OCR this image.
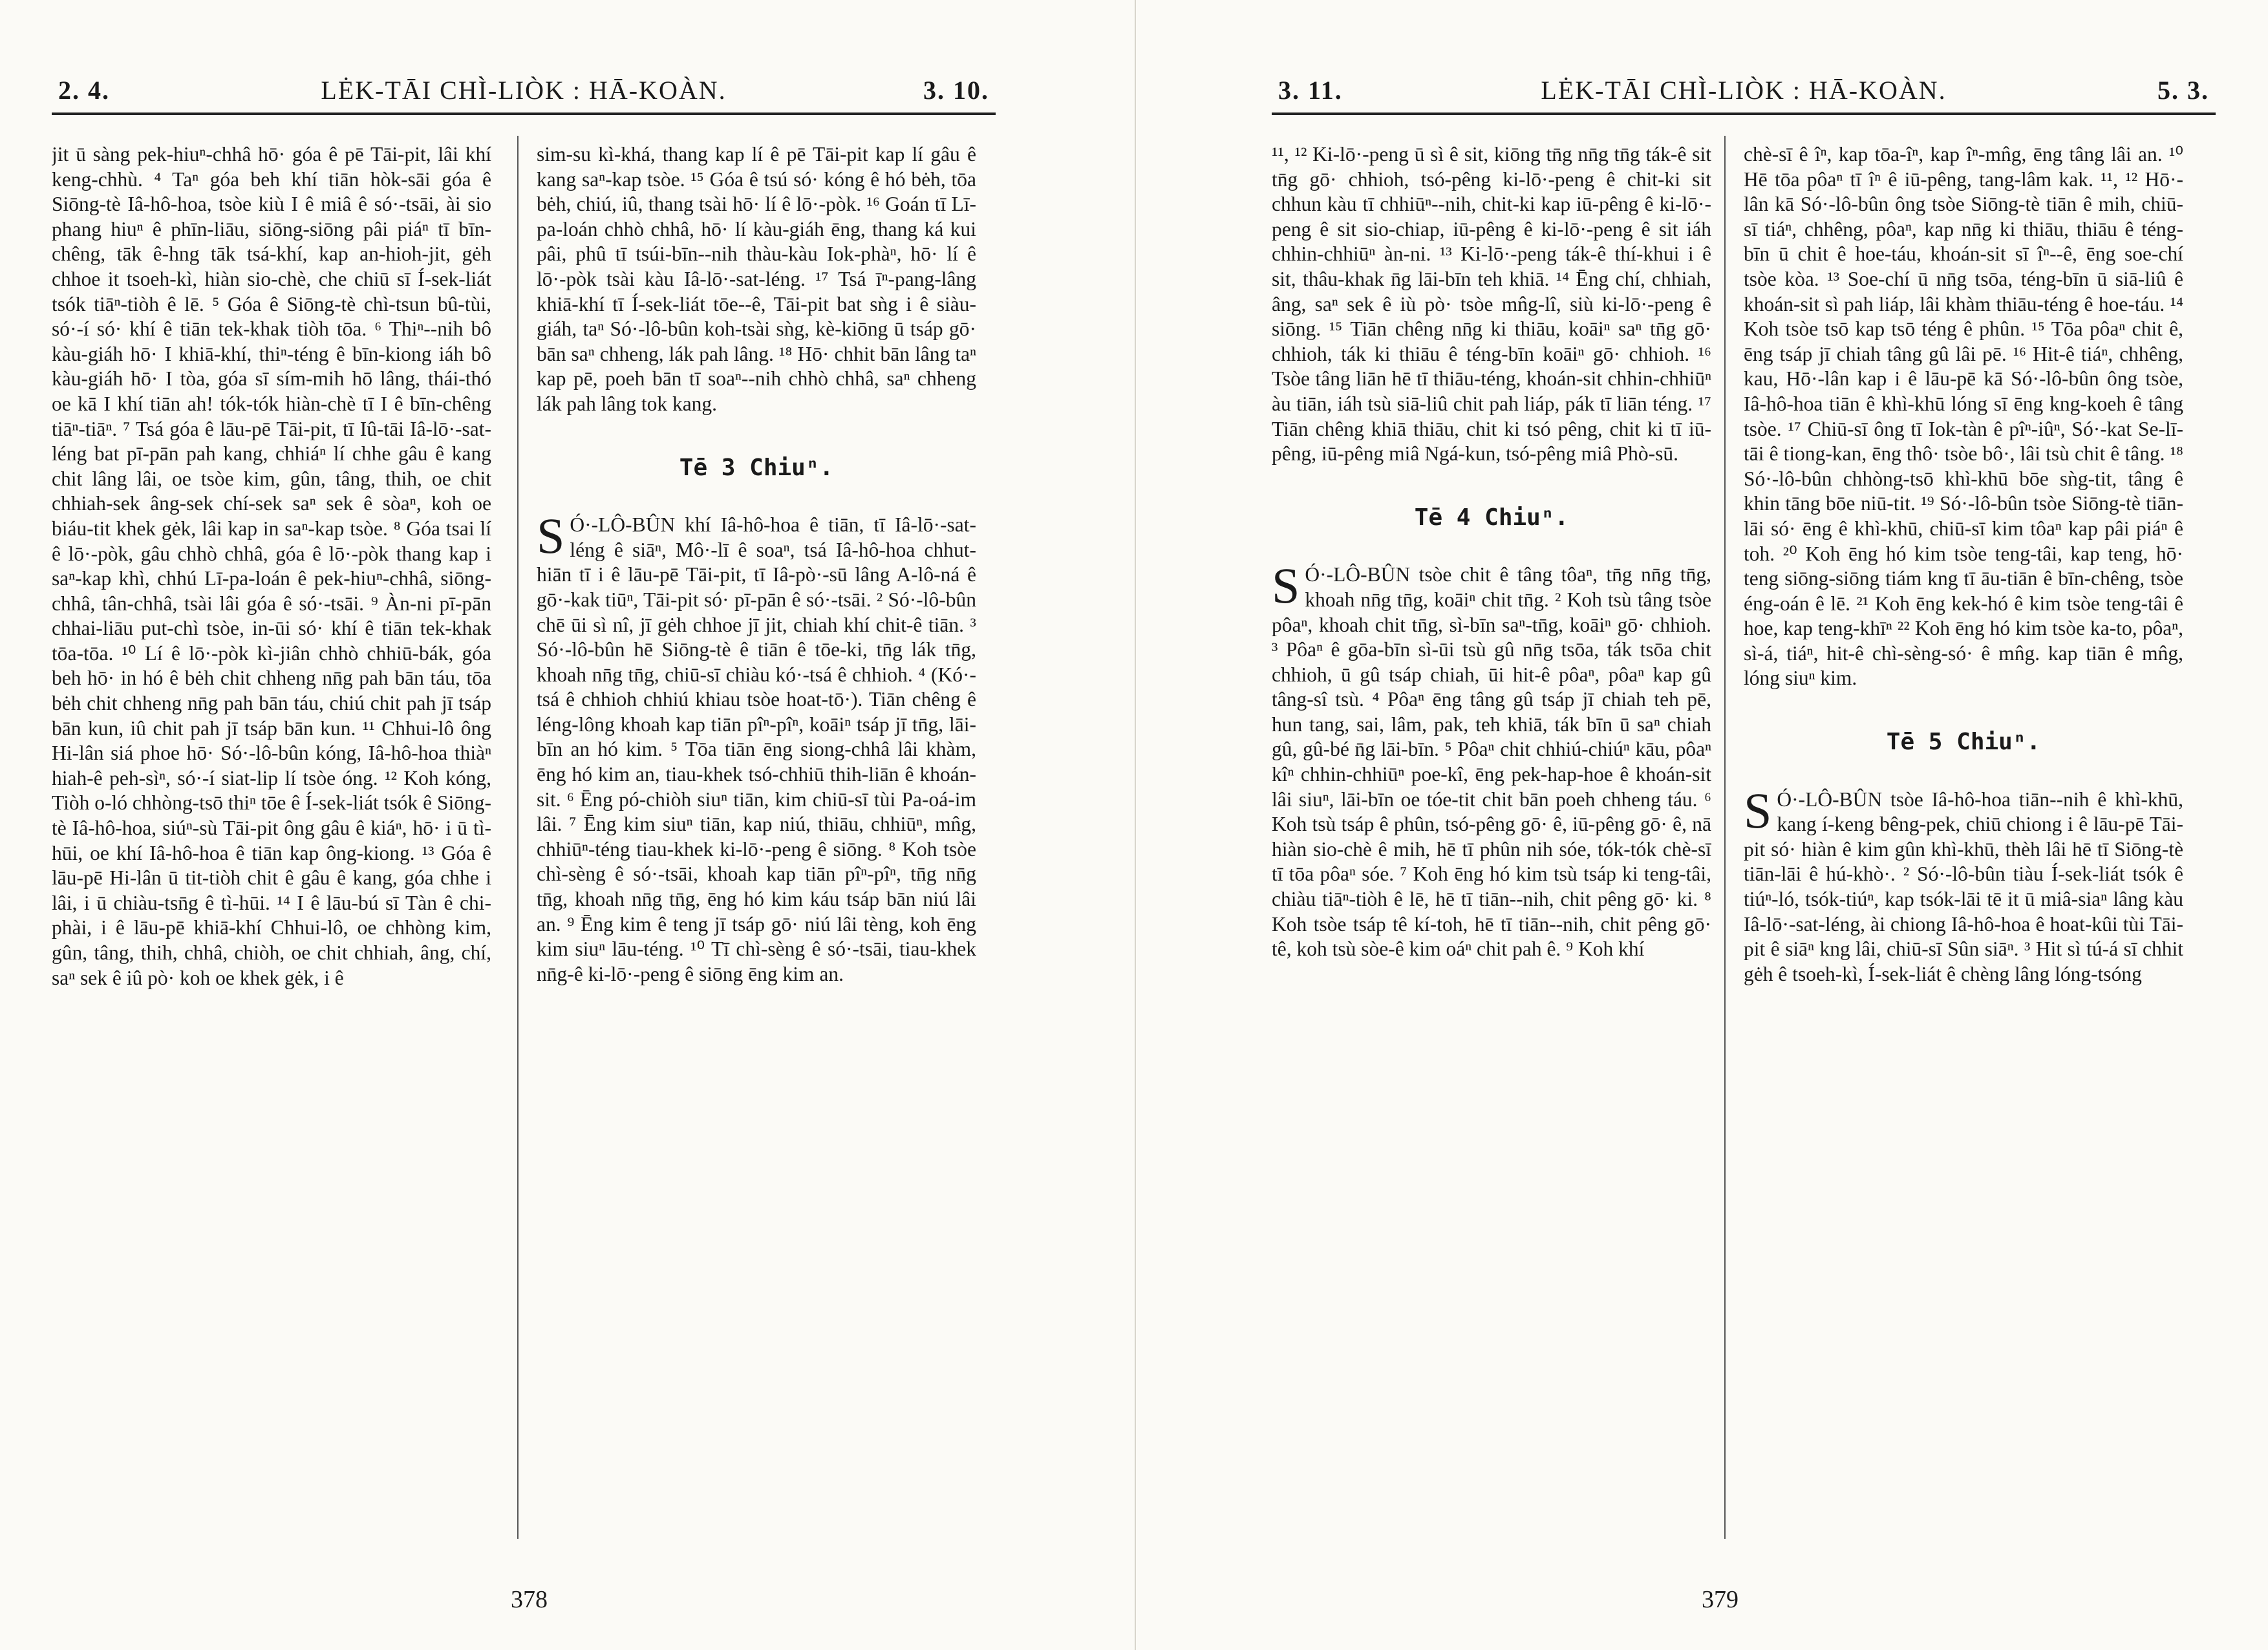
2. 4.	LĖK-TĀI CHÌ-LIÒK : HĀ-KOÀN.	3. 10.

jit ū sàng pek-hiuⁿ-chhâ hō· góa ê pē Tāi-pit, lâi khí keng-chhù. ⁴ Taⁿ góa beh khí tiān hòk-sāi góa ê Siōng-tè Iâ-hô-hoa, tsòe kiù I ê miâ ê só·-tsāi, ài sio phang hiuⁿ ê phīn-liāu, siōng-siōng pâi piáⁿ tī bīn-chêng, tāk ê-hng tāk tsá-khí, kap an-hioh-jit, gėh chhoe it tsoeh-kì, hiàn sio-chè, che chiū sī Í-sek-liát tsók tiāⁿ-tiòh ê lē. ⁵ Góa ê Siōng-tè chì-tsun bû-tùi, só·-í só· khí ê tiān tek-khak tiòh tōa. ⁶ Thiⁿ--nih bô kàu-giáh hō· I khiā-khí, thiⁿ-téng ê bīn-kiong iáh bô kàu-giáh hō· I tòa, góa sī sím-mih hō lâng, thái-thó oe kā I khí tiān ah! tók-tók hiàn-chè tī I ê bīn-chêng tiāⁿ-tiāⁿ. ⁷ Tsá góa ê lāu-pē Tāi-pit, tī Iû-tāi Iâ-lō·-sat-léng bat pī-pān pah kang, chhiáⁿ lí chhe gâu ê kang chit lâng lâi, oe tsòe kim, gûn, tâng, thih, oe chit chhiah-sek âng-sek chí-sek saⁿ sek ê sòaⁿ, koh oe biáu-tit khek gėk, lâi kap in saⁿ-kap tsòe. ⁸ Góa tsai lí ê lō·-pòk, gâu chhò chhâ, góa ê lō·-pòk thang kap i saⁿ-kap khì, chhú Lī-pa-loán ê pek-hiuⁿ-chhâ, siōng-chhâ, tân-chhâ, tsài lâi góa ê só·-tsāi. ⁹ Àn-ni pī-pān chhai-liāu put-chì tsòe, in-ūi só· khí ê tiān tek-khak tōa-tōa. ¹⁰ Lí ê lō·-pòk kì-jiân chhò chhiū-bák, góa beh hō· in hó ê bėh chit chheng nn̄g pah bān táu, tōa bėh chit chheng nn̄g pah bān táu, chiú chit pah jī tsáp bān kun, iû chit pah jī tsáp bān kun. ¹¹ Chhui-lô ông Hi-lân siá phoe hō· Só·-lô-bûn kóng, Iâ-hô-hoa thiàⁿ hiah-ê peh-sìⁿ, só·-í siat-lip lí tsòe óng. ¹² Koh kóng, Tiòh o-ló chhòng-tsō thiⁿ tōe ê Í-sek-liát tsók ê Siōng-tè Iâ-hô-hoa, siúⁿ-sù Tāi-pit ông gâu ê kiáⁿ, hō· i ū tì-hūi, oe khí Iâ-hô-hoa ê tiān kap ông-kiong. ¹³ Góa ê lāu-pē Hi-lân ū tit-tiòh chit ê gâu ê kang, góa chhe i lâi, i ū chiàu-tsn̄g ê tì-hūi. ¹⁴ I ê lāu-bú sī Tàn ê chi-phài, i ê lāu-pē khiā-khí Chhui-lô, oe chhòng kim, gûn, tâng, thih, chhâ, chiòh, oe chit chhiah, âng, chí, saⁿ sek ê iû pò· koh oe khek gėk, i ê

sim-su kì-khá, thang kap lí ê pē Tāi-pit kap lí gâu ê kang saⁿ-kap tsòe. ¹⁵ Góa ê tsú só· kóng ê hó bėh, tōa bėh, chiú, iû, thang tsài hō· lí ê lō·-pòk. ¹⁶ Goán tī Lī-pa-loán chhò chhâ, hō· lí kàu-giáh ēng, thang ká kui pâi, phû tī tsúi-bīn--nih thàu-kàu Iok-phàⁿ, hō· lí ê lō·-pòk tsài kàu Iâ-lō·-sat-léng. ¹⁷ Tsá īⁿ-pang-lâng khiā-khí tī Í-sek-liát tōe--ê, Tāi-pit bat sǹg i ê siàu-giáh, taⁿ Só·-lô-bûn koh-tsài sǹg, kè-kiōng ū tsáp gō· bān saⁿ chheng, lák pah lâng. ¹⁸ Hō· chhit bān lâng taⁿ kap pē, poeh bān tī soaⁿ--nih chhò chhâ, saⁿ chheng lák pah lâng tok kang.

Tē 3 Chiuⁿ.

S Ó·-LÔ-BÛN khí Iâ-hô-hoa ê tiān, tī Iâ-lō·-sat-léng ê siāⁿ, Mô·-lī ê soaⁿ, tsá Iâ-hô-hoa chhut-hiān tī i ê lāu-pē Tāi-pit, tī Iâ-pò·-sū lâng A-lô-ná ê gō·-kak tiūⁿ, Tāi-pit só· pī-pān ê só·-tsāi. ² Só·-lô-bûn chē ūi sì nî, jī gėh chhoe jī jit, chiah khí chit-ê tiān. ³ Só·-lô-bûn hē Siōng-tè ê tiān ê tōe-ki, tn̄g lák tn̄g, khoah nn̄g tn̄g, chiū-sī chiàu kó·-tsá ê chhioh. ⁴ (Kó·-tsá ê chhioh chhiú khiau tsòe hoat-tō·). Tiān chêng ê léng-lông khoah kap tiān pîⁿ-pîⁿ, koāiⁿ tsáp jī tn̄g, lāi-bīn an hó kim. ⁵ Tōa tiān ēng siong-chhâ lâi khàm, ēng hó kim an, tiau-khek tsó-chhiū thih-liān ê khoán-sit. ⁶ Ēng pó-chiòh siuⁿ tiān, kim chiū-sī tùi Pa-oá-im lâi. ⁷ Ēng kim siuⁿ tiān, kap niú, thiāu, chhiūⁿ, mn̂g, chhiūⁿ-téng tiau-khek ki-lō·-peng ê siōng. ⁸ Koh tsòe chì-sèng ê só·-tsāi, khoah kap tiān pîⁿ-pîⁿ, tn̄g nn̄g tn̄g, khoah nn̄g tn̄g, ēng hó kim káu tsáp bān niú lâi an. ⁹ Ēng kim ê teng jī tsáp gō· niú lâi tèng, koh ēng kim siuⁿ lāu-téng. ¹⁰ Tī chì-sèng ê só·-tsāi, tiau-khek nn̄g-ê ki-lō·-peng ê siōng ēng kim an.

378
3. 11.	LĖK-TĀI CHÌ-LIÒK : HĀ-KOÀN.	5. 3.

¹¹, ¹² Ki-lō·-peng ū sì ê sit, kiōng tn̄g nn̄g tn̄g ták-ê sit tn̄g gō· chhioh, tsó-pêng ki-lō·-peng ê chit-ki sit chhun kàu tī chhiūⁿ--nih, chit-ki kap iū-pêng ê ki-lō·-peng ê sit sio-chiap, iū-pêng ê ki-lō·-peng ê sit iáh chhin-chhiūⁿ àn-ni. ¹³ Ki-lō·-peng ták-ê thí-khui i ê sit, thâu-khak n̄g lāi-bīn teh khiā. ¹⁴ Ēng chí, chhiah, âng, saⁿ sek ê iù pò· tsòe mn̂g-lî, siù ki-lō·-peng ê siōng. ¹⁵ Tiān chêng nn̄g ki thiāu, koāiⁿ saⁿ tn̄g gō· chhioh, ták ki thiāu ê téng-bīn koāiⁿ gō· chhioh. ¹⁶ Tsòe tâng liān hē tī thiāu-téng, khoán-sit chhin-chhiūⁿ àu tiān, iáh tsù siā-liû chit pah liáp, pák tī liān téng. ¹⁷ Tiān chêng khiā thiāu, chit ki tsó pêng, chit ki tī iū-pêng, iū-pêng miâ Ngá-kun, tsó-pêng miâ Phò-sū.

Tē 4 Chiuⁿ.

S Ó·-LÔ-BÛN tsòe chit ê tâng tôaⁿ, tn̄g nn̄g tn̄g, khoah nn̄g tn̄g, koāiⁿ chit tn̄g. ² Koh tsù tâng tsòe pôaⁿ, khoah chit tn̄g, sì-bīn saⁿ-tn̄g, koāiⁿ gō· chhioh. ³ Pôaⁿ ê gōa-bīn sì-ūi tsù gû nn̄g tsōa, ták tsōa chit chhioh, ū gû tsáp chiah, ūi hit-ê pôaⁿ, pôaⁿ kap gû tâng-sî tsù. ⁴ Pôaⁿ ēng tâng gû tsáp jī chiah teh pē, hun tang, sai, lâm, pak, teh khiā, ták bīn ū saⁿ chiah gû, gû-bé n̄g lāi-bīn. ⁵ Pôaⁿ chit chhiú-chiúⁿ kāu, pôaⁿ kîⁿ chhin-chhiūⁿ poe-kî, ēng pek-hap-hoe ê khoán-sit lâi siuⁿ, lāi-bīn oe tóe-tit chit bān poeh chheng táu. ⁶ Koh tsù tsáp ê phûn, tsó-pêng gō· ê, iū-pêng gō· ê, nā hiàn sio-chè ê mih, hē tī phûn nih sóe, tók-tók chè-sī tī tōa pôaⁿ sóe. ⁷ Koh ēng hó kim tsù tsáp ki teng-tâi, chiàu tiāⁿ-tiòh ê lē, hē tī tiān--nih, chit pêng gō· ki. ⁸ Koh tsòe tsáp tê kí-toh, hē tī tiān--nih, chit pêng gō· tê, koh tsù sòe-ê kim oáⁿ chit pah ê. ⁹ Koh khí

chè-sī ê îⁿ, kap tōa-îⁿ, kap îⁿ-mn̂g, ēng tâng lâi an. ¹⁰ Hē tōa pôaⁿ tī îⁿ ê iū-pêng, tang-lâm kak. ¹¹, ¹² Hō·-lân kā Só·-lô-bûn ông tsòe Siōng-tè tiān ê mih, chiū-sī tiáⁿ, chhêng, pôaⁿ, kap nn̄g ki thiāu, thiāu ê téng-bīn ū chit ê hoe-táu, khoán-sit sī îⁿ--ê, ēng soe-chí tsòe kòa. ¹³ Soe-chí ū nn̄g tsōa, téng-bīn ū siā-liû ê khoán-sit sì pah liáp, lâi khàm thiāu-téng ê hoe-táu. ¹⁴ Koh tsòe tsō kap tsō téng ê phûn. ¹⁵ Tōa pôaⁿ chit ê, ēng tsáp jī chiah tâng gû lâi pē. ¹⁶ Hit-ê tiáⁿ, chhêng, kau, Hō·-lân kap i ê lāu-pē kā Só·-lô-bûn ông tsòe, Iâ-hô-hoa tiān ê khì-khū lóng sī ēng kng-koeh ê tâng tsòe. ¹⁷ Chiū-sī ông tī Iok-tàn ê pîⁿ-iûⁿ, Só·-kat Se-lī-tāi ê tiong-kan, ēng thô· tsòe bô·, lâi tsù chit ê tâng. ¹⁸ Só·-lô-bûn chhòng-tsō khì-khū bōe sǹg-tit, tâng ê khin tāng bōe niū-tit. ¹⁹ Só·-lô-bûn tsòe Siōng-tè tiān-lāi só· ēng ê khì-khū, chiū-sī kim tôaⁿ kap pâi piáⁿ ê toh. ²⁰ Koh ēng hó kim tsòe teng-tâi, kap teng, hō· teng siōng-siōng tiám kng tī āu-tiān ê bīn-chêng, tsòe éng-oán ê lē. ²¹ Koh ēng kek-hó ê kim tsòe teng-tâi ê hoe, kap teng-khīⁿ ²² Koh ēng hó kim tsòe ka-to, pôaⁿ, sì-á, tiáⁿ, hit-ê chì-sèng-só· ê mn̂g. kap tiān ê mn̂g, lóng siuⁿ kim.

Tē 5 Chiuⁿ.

S Ó·-LÔ-BÛN tsòe Iâ-hô-hoa tiān--nih ê khì-khū, kang í-keng bêng-pek, chiū chiong i ê lāu-pē Tāi-pit só· hiàn ê kim gûn khì-khū, thèh lâi hē tī Siōng-tè tiān-lāi ê hú-khò·. ² Só·-lô-bûn tiàu Í-sek-liát tsók ê tiúⁿ-ló, tsók-tiúⁿ, kap tsók-lāi tē it ū miâ-siaⁿ lâng kàu Iâ-lō·-sat-léng, ài chiong Iâ-hô-hoa ê hoat-kûi tùi Tāi-pit ê siāⁿ kng lâi, chiū-sī Sûn siāⁿ. ³ Hit sì tú-á sī chhit gėh ê tsoeh-kì, Í-sek-liát ê chèng lâng lóng-tsóng

379
